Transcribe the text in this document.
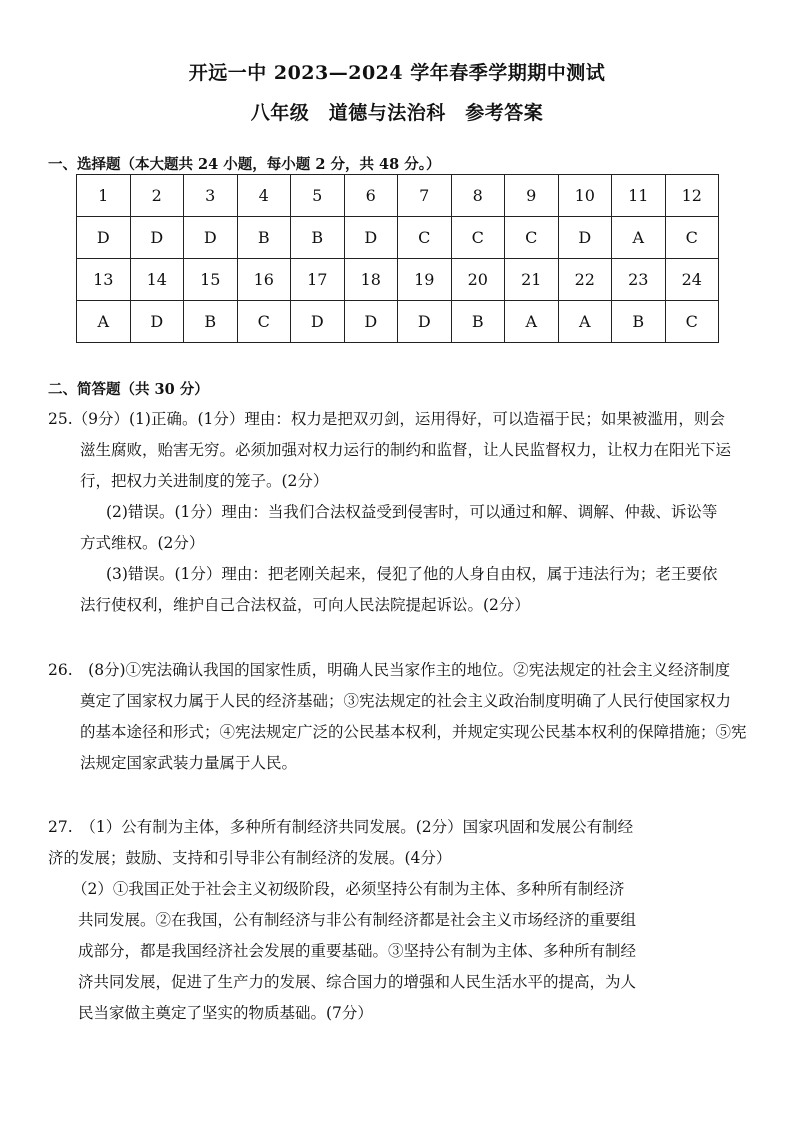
开远一中 2023—2024 学年春季学期期中测试
八年级　道德与法治科　参考答案
一、选择题（本大题共 24 小题，每小题 2 分，共 48 分。）
1	2	3	4	5	6	7	8	9	10	11	12
D	D	D	B	B	D	C	C	C	D	A	C
13	14	15	16	17	18	19	20	21	22	23	24
A	D	B	C	D	D	D	B	A	A	B	C
二、简答题（共 30 分）
25.（9分）(1)正确。(1分）理由：权力是把双刃剑，运用得好，可以造福于民；如果被滥用，则会
滋生腐败，贻害无穷。必须加强对权力运行的制约和监督，让人民监督权力，让权力在阳光下运
行，把权力关进制度的笼子。(2分）
(2)错误。(1分）理由：当我们合法权益受到侵害时，可以通过和解、调解、仲裁、诉讼等
方式维权。(2分）
(3)错误。(1分）理由：把老刚关起来，侵犯了他的人身自由权，属于违法行为；老王要依
法行使权利，维护自己合法权益，可向人民法院提起诉讼。(2分）
26.　(8分)①宪法确认我国的国家性质，明确人民当家作主的地位。②宪法规定的社会主义经济制度
奠定了国家权力属于人民的经济基础；③宪法规定的社会主义政治制度明确了人民行使国家权力
的基本途径和形式；④宪法规定广泛的公民基本权利，并规定实现公民基本权利的保障措施；⑤宪
法规定国家武装力量属于人民。
27.　（1）公有制为主体，多种所有制经济共同发展。(2分）国家巩固和发展公有制经
济的发展；鼓励、支持和引导非公有制经济的发展。(4分）
（2）①我国正处于社会主义初级阶段，必须坚持公有制为主体、多种所有制经济
共同发展。②在我国，公有制经济与非公有制经济都是社会主义市场经济的重要组
成部分，都是我国经济社会发展的重要基础。③坚持公有制为主体、多种所有制经
济共同发展，促进了生产力的发展、综合国力的增强和人民生活水平的提高，为人
民当家做主奠定了坚实的物质基础。(7分）
